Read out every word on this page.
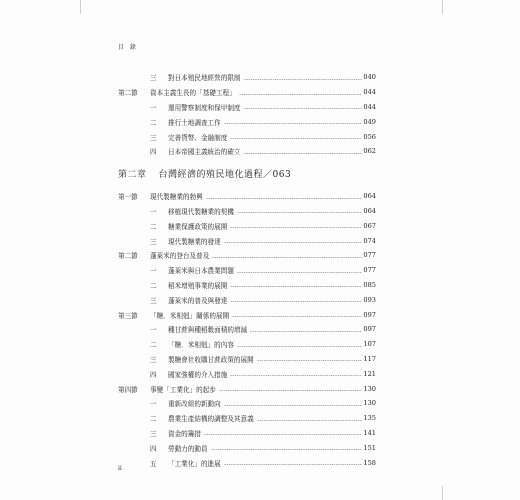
目 錄
三	對日本殖民地經營的限制	040
第二節	資本主義生長的「基礎工程」	044
一	運用警察制度和保甲制度	044
二	推行土地調查工作	049
三	完善貨幣、金融制度	056
四	日本帝國主義統治的確立	062
第二章 台灣經濟的殖民地化過程／063
第一節	現代製糖業的勃興	064
一	移植現代製糖業的契機	064
二	糖業保護政策的展開	067
三	現代製糖業的發達	074
第二節	蓬萊米的登台及普及	077
一	蓬萊米與日本農業問題	077
二	稻米增殖事業的展開	085
三	蓬萊米的普及與發達	093
第三節	「糖．米相剋」關係的展開	097
一	種甘蔗與種稻穀面積的增減	097
二	「糖．米相剋」的內容	107
三	製糖會社收購甘蔗政策的展開	117
四	國家強權的介入措施	121
第四節	事變「工業化」的起步	130
一	重新改組的新動向	130
二	農業生產結構的調整及其意義	135
三	資金的籌措	141
四	勞動力的動員	151
五	「工業化」的進展	158
ii
